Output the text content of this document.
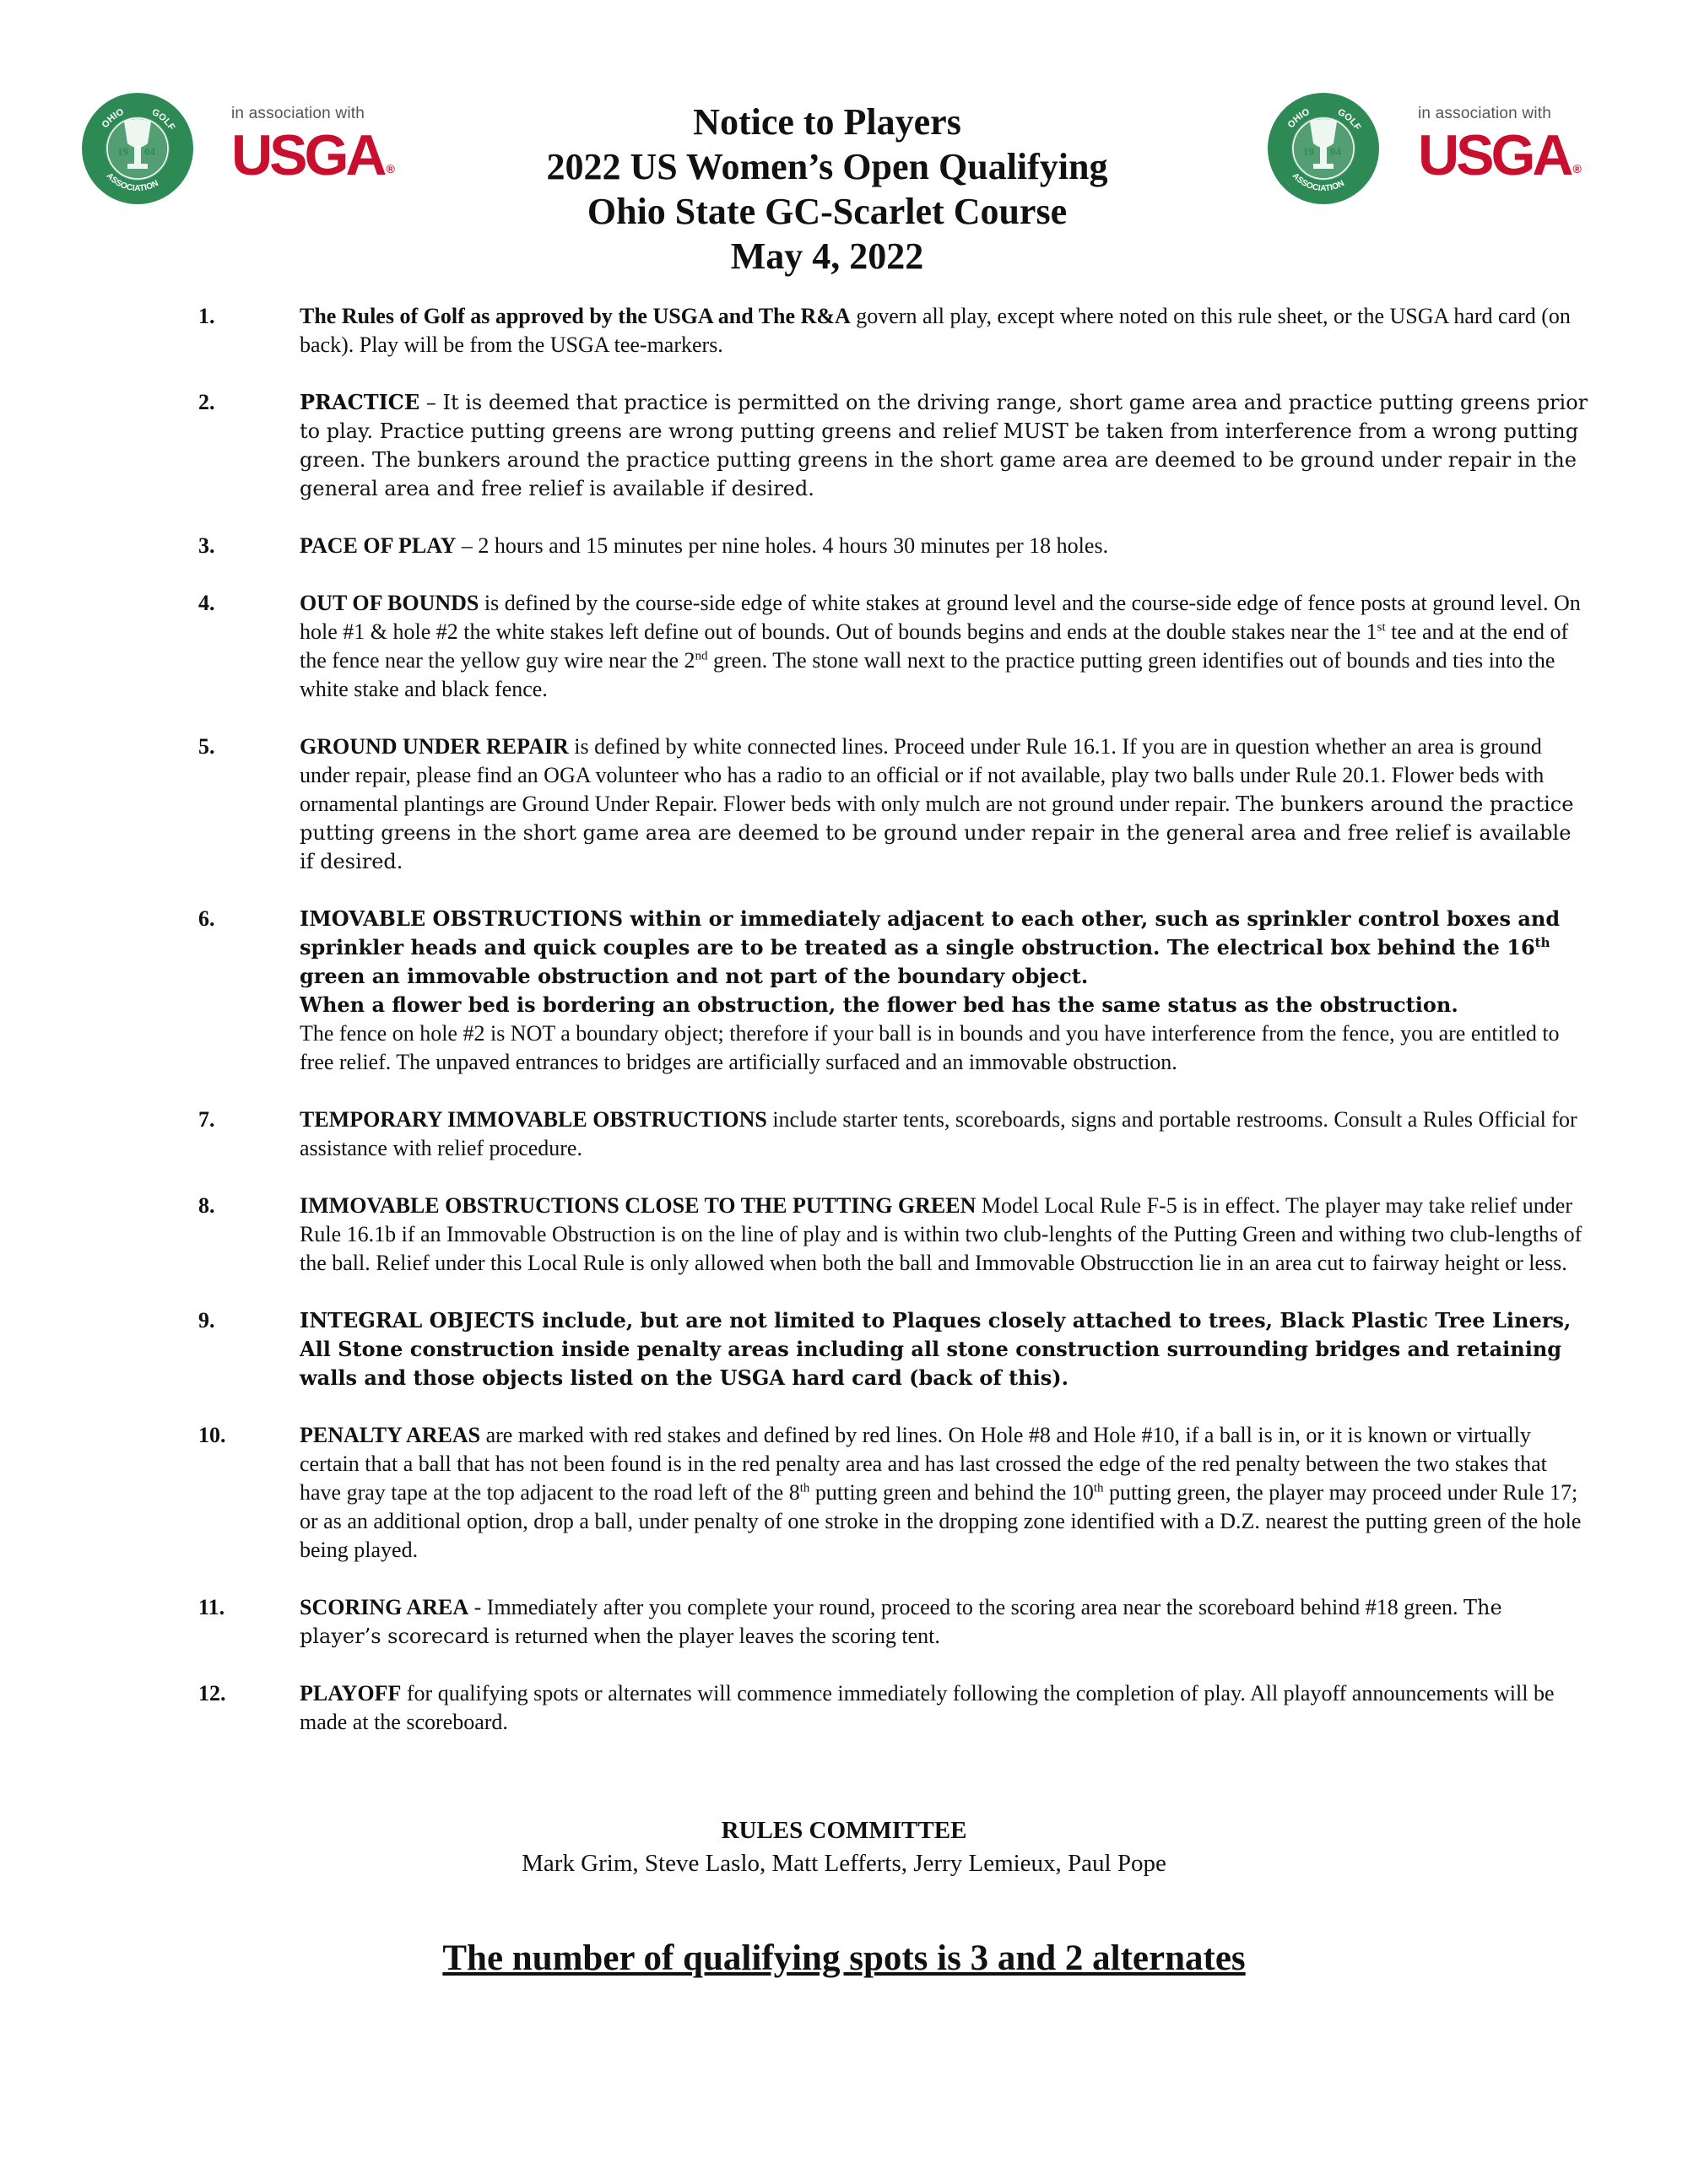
OHIO	GOLF
ASSOCIATION
19 04
in association with
USGA ®
Notice to Players
2022 US Women’s Open Qualifying
Ohio State GC-Scarlet Course
May 4, 2022
OHIO	GOLF
ASSOCIATION
19 04
in association with
USGA ®
1.	The Rules of Golf as approved by the USGA and The R&A govern all play, except where noted on this rule sheet, or the USGA hard card (on back). Play will be from the USGA tee-markers.
2.	PRACTICE – It is deemed that practice is permitted on the driving range, short game area and practice putting greens prior to play. Practice putting greens are wrong putting greens and relief MUST be taken from interference from a wrong putting green. The bunkers around the practice putting greens in the short game area are deemed to be ground under repair in the general area and free relief is available if desired.
3.	PACE OF PLAY – 2 hours and 15 minutes per nine holes. 4 hours 30 minutes per 18 holes.
4.	OUT OF BOUNDS is defined by the course-side edge of white stakes at ground level and the course-side edge of fence posts at ground level. On hole #1 & hole #2 the white stakes left define out of bounds. Out of bounds begins and ends at the double stakes near the 1st tee and at the end of the fence near the yellow guy wire near the 2nd green. The stone wall next to the practice putting green identifies out of bounds and ties into the white stake and black fence.
5.	GROUND UNDER REPAIR is defined by white connected lines. Proceed under Rule 16.1. If you are in question whether an area is ground under repair, please find an OGA volunteer who has a radio to an official or if not available, play two balls under Rule 20.1. Flower beds with ornamental plantings are Ground Under Repair. Flower beds with only mulch are not ground under repair. The bunkers around the practice putting greens in the short game area are deemed to be ground under repair in the general area and free relief is available if desired.
6.	IMOVABLE OBSTRUCTIONS within or immediately adjacent to each other, such as sprinkler control boxes and sprinkler heads and quick couples are to be treated as a single obstruction. The electrical box behind the 16th green an immovable obstruction and not part of the boundary object.
When a flower bed is bordering an obstruction, the flower bed has the same status as the obstruction.
The fence on hole #2 is NOT a boundary object; therefore if your ball is in bounds and you have interference from the fence, you are entitled to free relief. The unpaved entrances to bridges are artificially surfaced and an immovable obstruction.
7.	TEMPORARY IMMOVABLE OBSTRUCTIONS include starter tents, scoreboards, signs and portable restrooms. Consult a Rules Official for assistance with relief procedure.
8.	IMMOVABLE OBSTRUCTIONS CLOSE TO THE PUTTING GREEN Model Local Rule F-5 is in effect. The player may take relief under Rule 16.1b if an Immovable Obstruction is on the line of play and is within two club-lenghts of the Putting Green and withing two club-lengths of the ball. Relief under this Local Rule is only allowed when both the ball and Immovable Obstrucction lie in an area cut to fairway height or less.
9.	INTEGRAL OBJECTS include, but are not limited to Plaques closely attached to trees, Black Plastic Tree Liners, All Stone construction inside penalty areas including all stone construction surrounding bridges and retaining walls and those objects listed on the USGA hard card (back of this).
10.	PENALTY AREAS are marked with red stakes and defined by red lines. On Hole #8 and Hole #10, if a ball is in, or it is known or virtually certain that a ball that has not been found is in the red penalty area and has last crossed the edge of the red penalty between the two stakes that have gray tape at the top adjacent to the road left of the 8th putting green and behind the 10th putting green, the player may proceed under Rule 17; or as an additional option, drop a ball, under penalty of one stroke in the dropping zone identified with a D.Z. nearest the putting green of the hole being played.
11.	SCORING AREA - Immediately after you complete your round, proceed to the scoring area near the scoreboard behind #18 green. The player’s scorecard is returned when the player leaves the scoring tent.
12.	PLAYOFF for qualifying spots or alternates will commence immediately following the completion of play. All playoff announcements will be made at the scoreboard.
RULES COMMITTEE
Mark Grim, Steve Laslo, Matt Lefferts, Jerry Lemieux, Paul Pope
The number of qualifying spots is 3 and 2 alternates
